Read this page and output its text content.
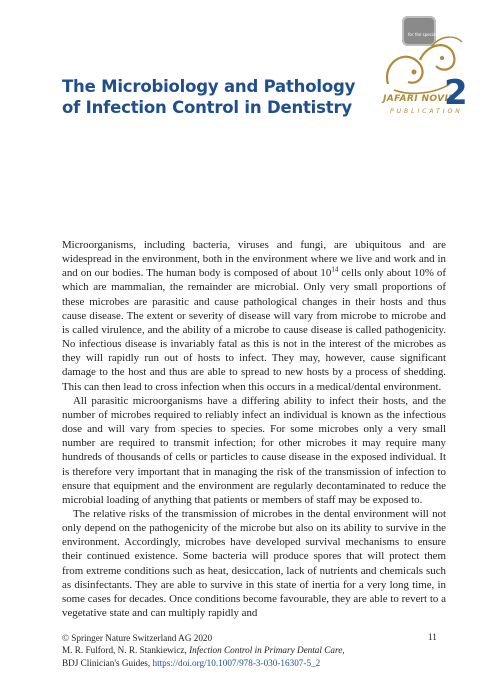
The Microbiology and Pathology
of Infection Control in Dentistry
for the specialists
JAFARI NOVIN
2
PUBLICATION

Microorganisms, including bacteria, viruses and fungi, are ubiquitous and are widespread in the environment, both in the environment where we live and work and in and on our bodies. The human body is composed of about $10^{14}$ cells only about 10% of which are mammalian, the remainder are microbial. Only very small proportions of these microbes are parasitic and cause pathological changes in their hosts and thus cause disease. The extent or severity of disease will vary from microbe to microbe and is called virulence, and the ability of a microbe to cause disease is called pathogenicity. No infectious disease is invariably fatal as this is not in the interest of the microbes as they will rapidly run out of hosts to infect. They may, however, cause significant damage to the host and thus are able to spread to new hosts by a process of shedding. This can then lead to cross infection when this occurs in a medical/dental environment.

All parasitic microorganisms have a differing ability to infect their hosts, and the number of microbes required to reliably infect an individual is known as the infectious dose and will vary from species to species. For some microbes only a very small number are required to transmit infection; for other microbes it may require many hundreds of thousands of cells or particles to cause disease in the exposed individual. It is therefore very important that in managing the risk of the transmission of infection to ensure that equipment and the environment are regularly decontaminated to reduce the microbial loading of anything that patients or members of staff may be exposed to.

The relative risks of the transmission of microbes in the dental environment will not only depend on the pathogenicity of the microbe but also on its ability to survive in the environment. Accordingly, microbes have developed survival mechanisms to ensure their continued existence. Some bacteria will produce spores that will protect them from extreme conditions such as heat, desiccation, lack of nutrients and chemicals such as disinfectants. They are able to survive in this state of inertia for a very long time, in some cases for decades. Once conditions become favourable, they are able to revert to a vegetative state and can multiply rapidly and

© Springer Nature Switzerland AG 2020
M. R. Fulford, N. R. Stankiewicz, Infection Control in Primary Dental Care,
BDJ Clinician's Guides, https://doi.org/10.1007/978-3-030-16307-5_2
11
